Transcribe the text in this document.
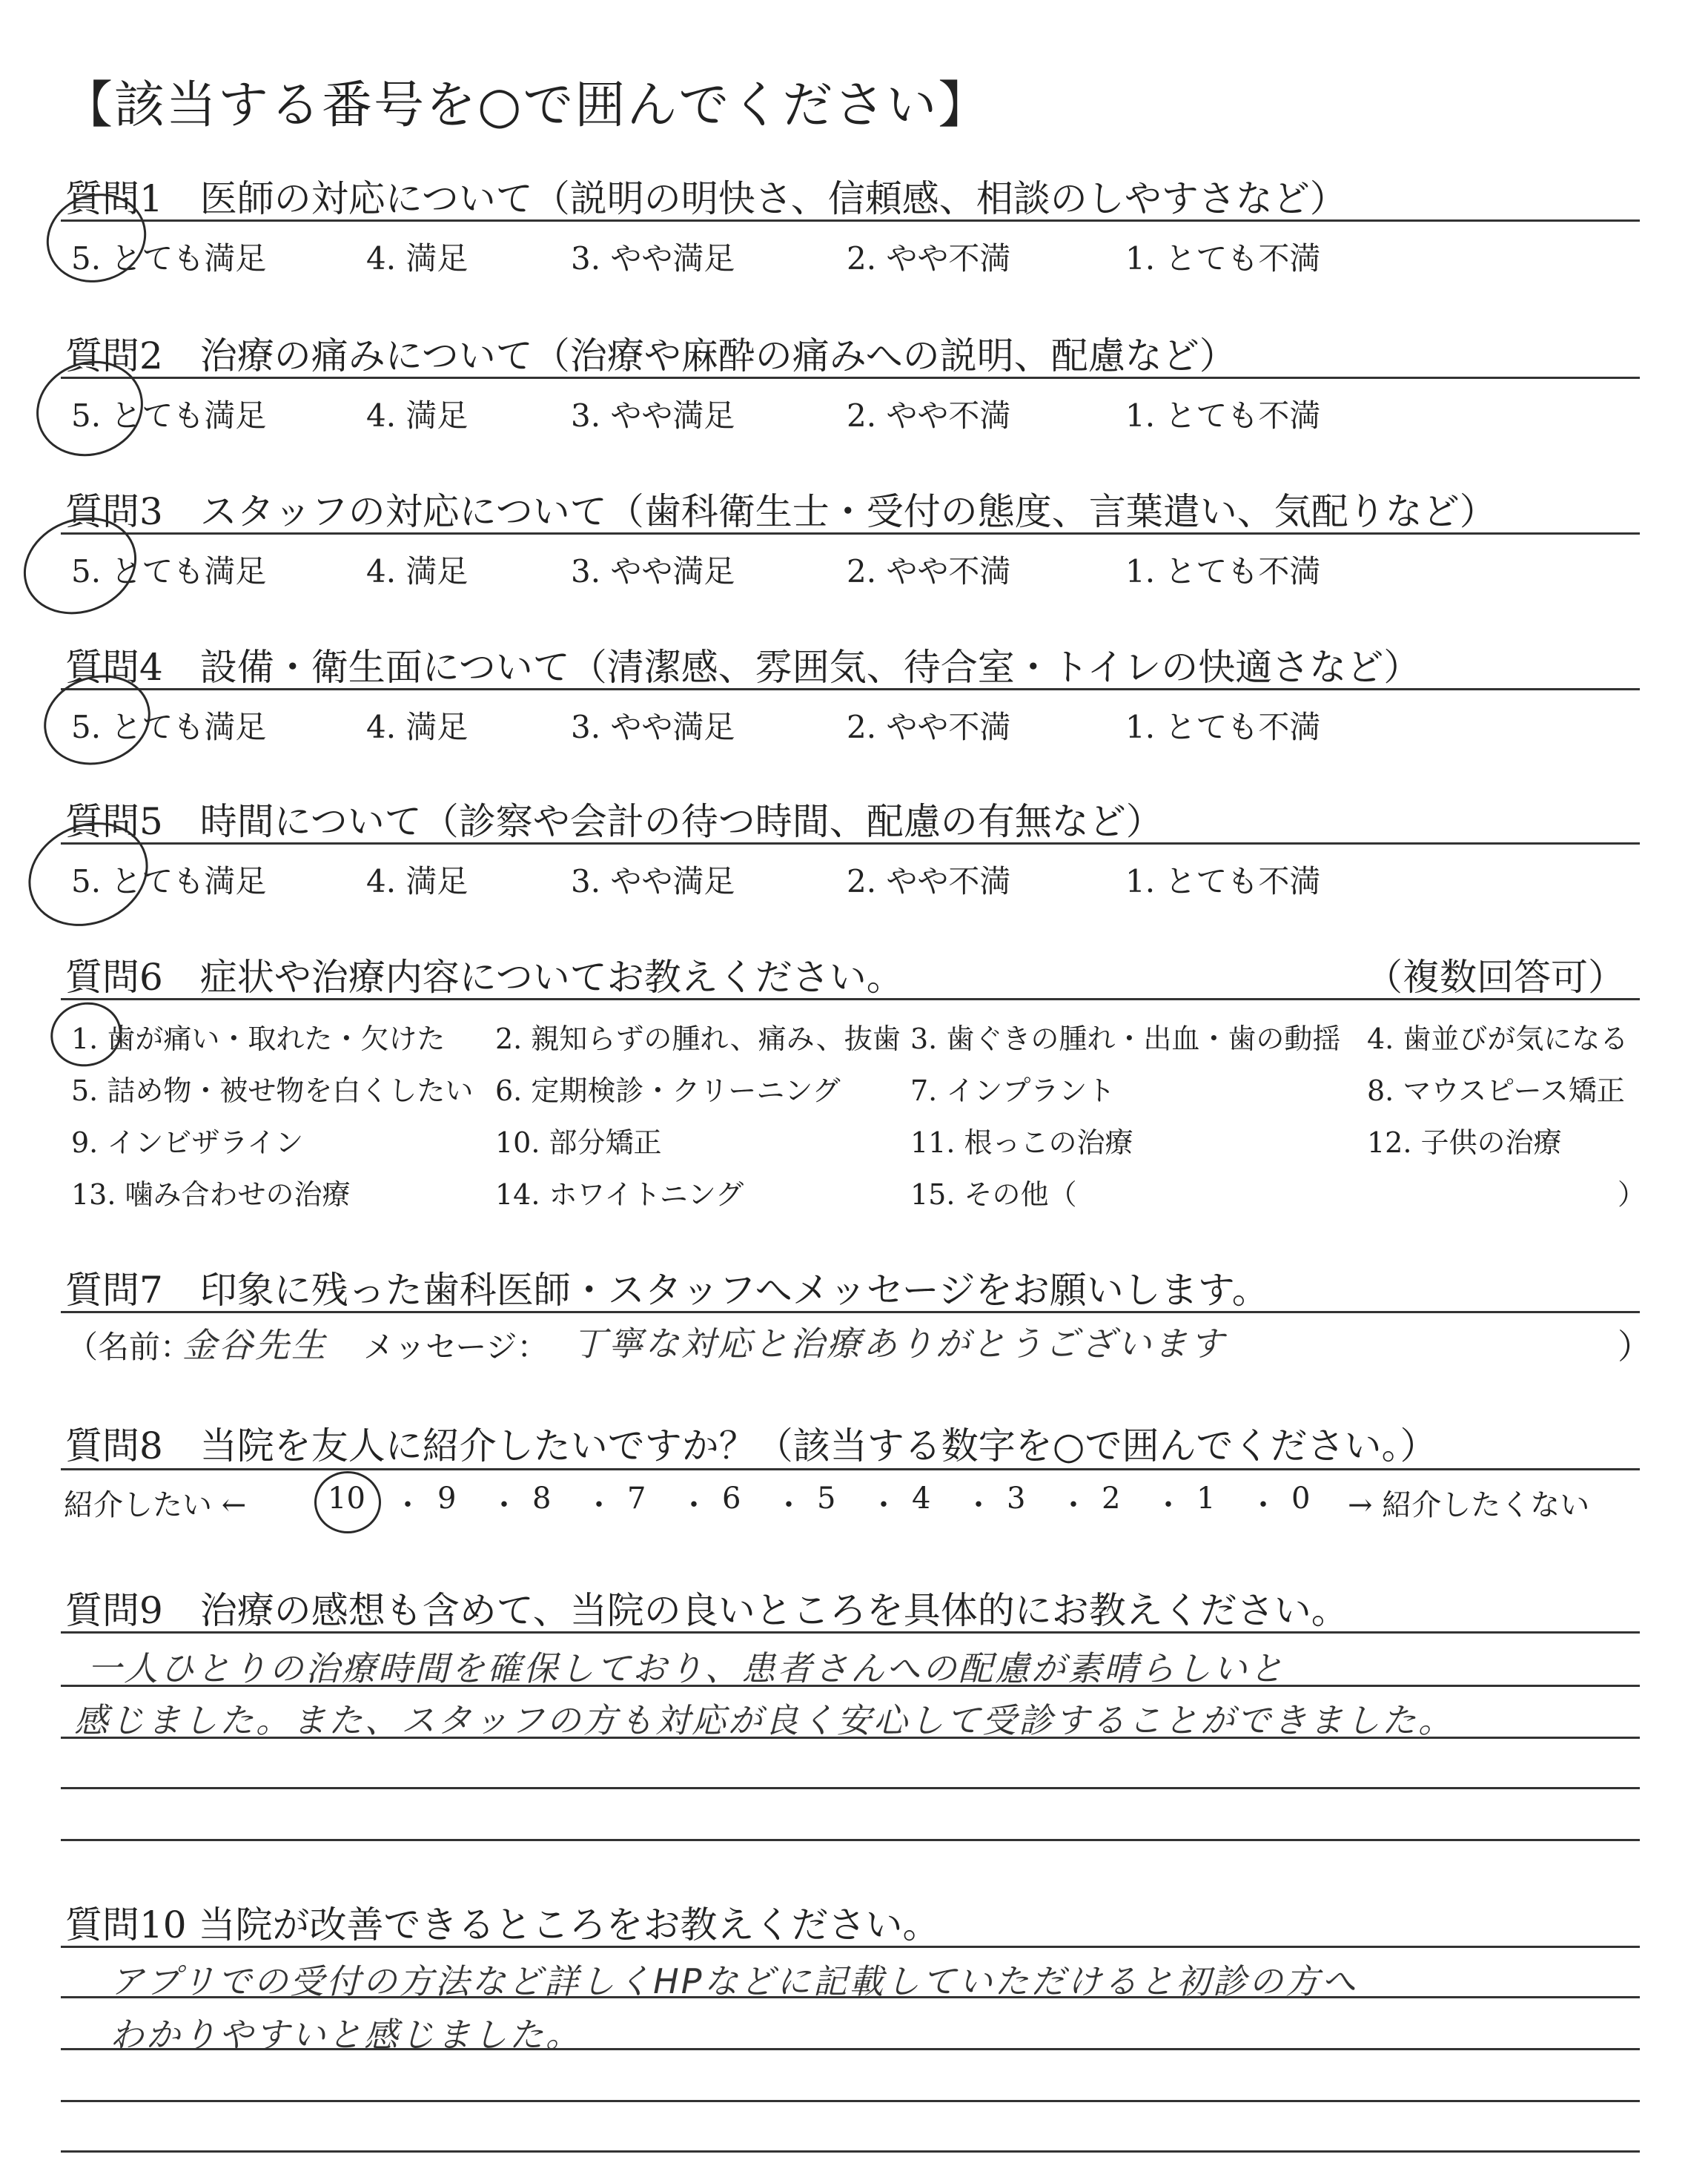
【該当する番号を○で囲んでください】
質問1　医師の対応について（説明の明快さ、信頼感、相談のしやすさなど）
5. とても満足	4. 満足	3. やや満足	2. やや不満	1. とても不満
質問2　治療の痛みについて（治療や麻酔の痛みへの説明、配慮など）
5. とても満足	4. 満足	3. やや満足	2. やや不満	1. とても不満
質問3　スタッフの対応について（歯科衛生士・受付の態度、言葉遣い、気配りなど）
5. とても満足	4. 満足	3. やや満足	2. やや不満	1. とても不満
質問4　設備・衛生面について（清潔感、雰囲気、待合室・トイレの快適さなど）
5. とても満足	4. 満足	3. やや満足	2. やや不満	1. とても不満
質問5　時間について（診察や会計の待つ時間、配慮の有無など）
5. とても満足	4. 満足	3. やや満足	2. やや不満	1. とても不満
質問6　症状や治療内容についてお教えください。	（複数回答可）
1. 歯が痛い・取れた・欠けた 2. 親知らずの腫れ、痛み、抜歯 3. 歯ぐきの腫れ・出血・歯の動揺 4. 歯並びが気になる
5. 詰め物・被せ物を白くしたい 6. 定期検診・クリーニング 7. インプラント	8. マウスピース矯正
9. インビザライン	10. 部分矯正	11. 根っこの治療	12. 子供の治療
13. 噛み合わせの治療	14. ホワイトニング	15. その他（	）
質問7　印象に残った歯科医師・スタッフへメッセージをお願いします。
（名前：
金谷先生 メッセージ： 丁寧な対応と治療ありがとうございます	）
質問8　当院を友人に紹介したいですか？（該当する数字を○で囲んでください。）
紹介したい ←	→ 紹介したくない
10 ・ 9 ・ 8 ・ 7 ・ 6 ・ 5 ・ 4 ・ 3 ・ 2 ・ 1 ・ 0
質問9　治療の感想も含めて、当院の良いところを具体的にお教えください。
一人ひとりの治療時間を確保しており、患者さんへの配慮が素晴らしいと
感じました。また、スタッフの方も対応が良く安心して受診することができました。
質問10 当院が改善できるところをお教えください。
アプリでの受付の方法など詳しくHPなどに記載していただけると初診の方へ
わかりやすいと感じました。
